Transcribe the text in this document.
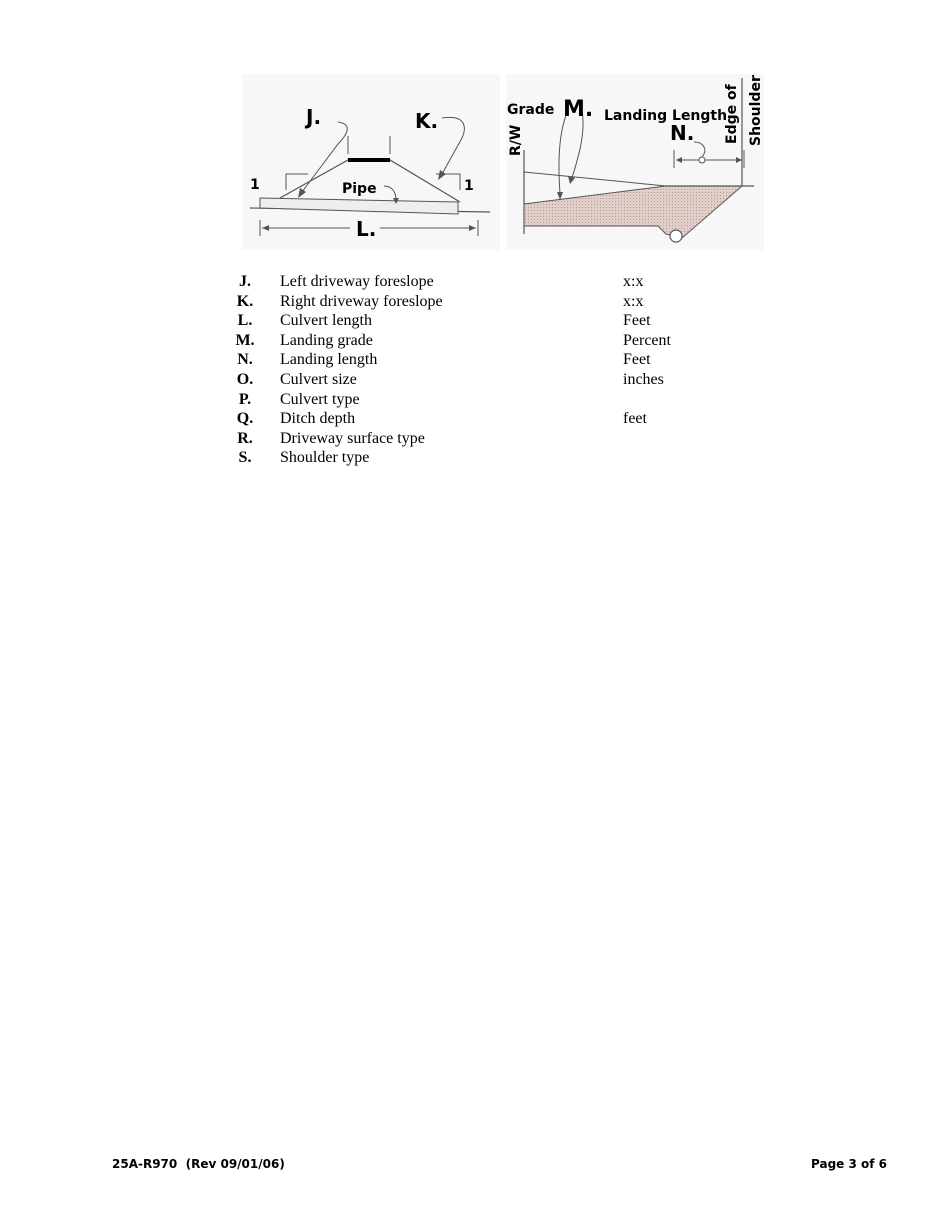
J.	K.
L.
1	1
Pipe
Grade M. Landing Length
N.
R/W	Edge of Shoulder
J.	Left driveway foreslope	x:x
K.	Right driveway foreslope	x:x
L.	Culvert length	Feet
M.	Landing grade	Percent
N.	Landing length	Feet
O.	Culvert size	inches
P.	Culvert type
Q.	Ditch depth	feet
R.	Driveway surface type
S.	Shoulder type
25A-R970  (Rev 09/01/06)	Page 3 of 6
